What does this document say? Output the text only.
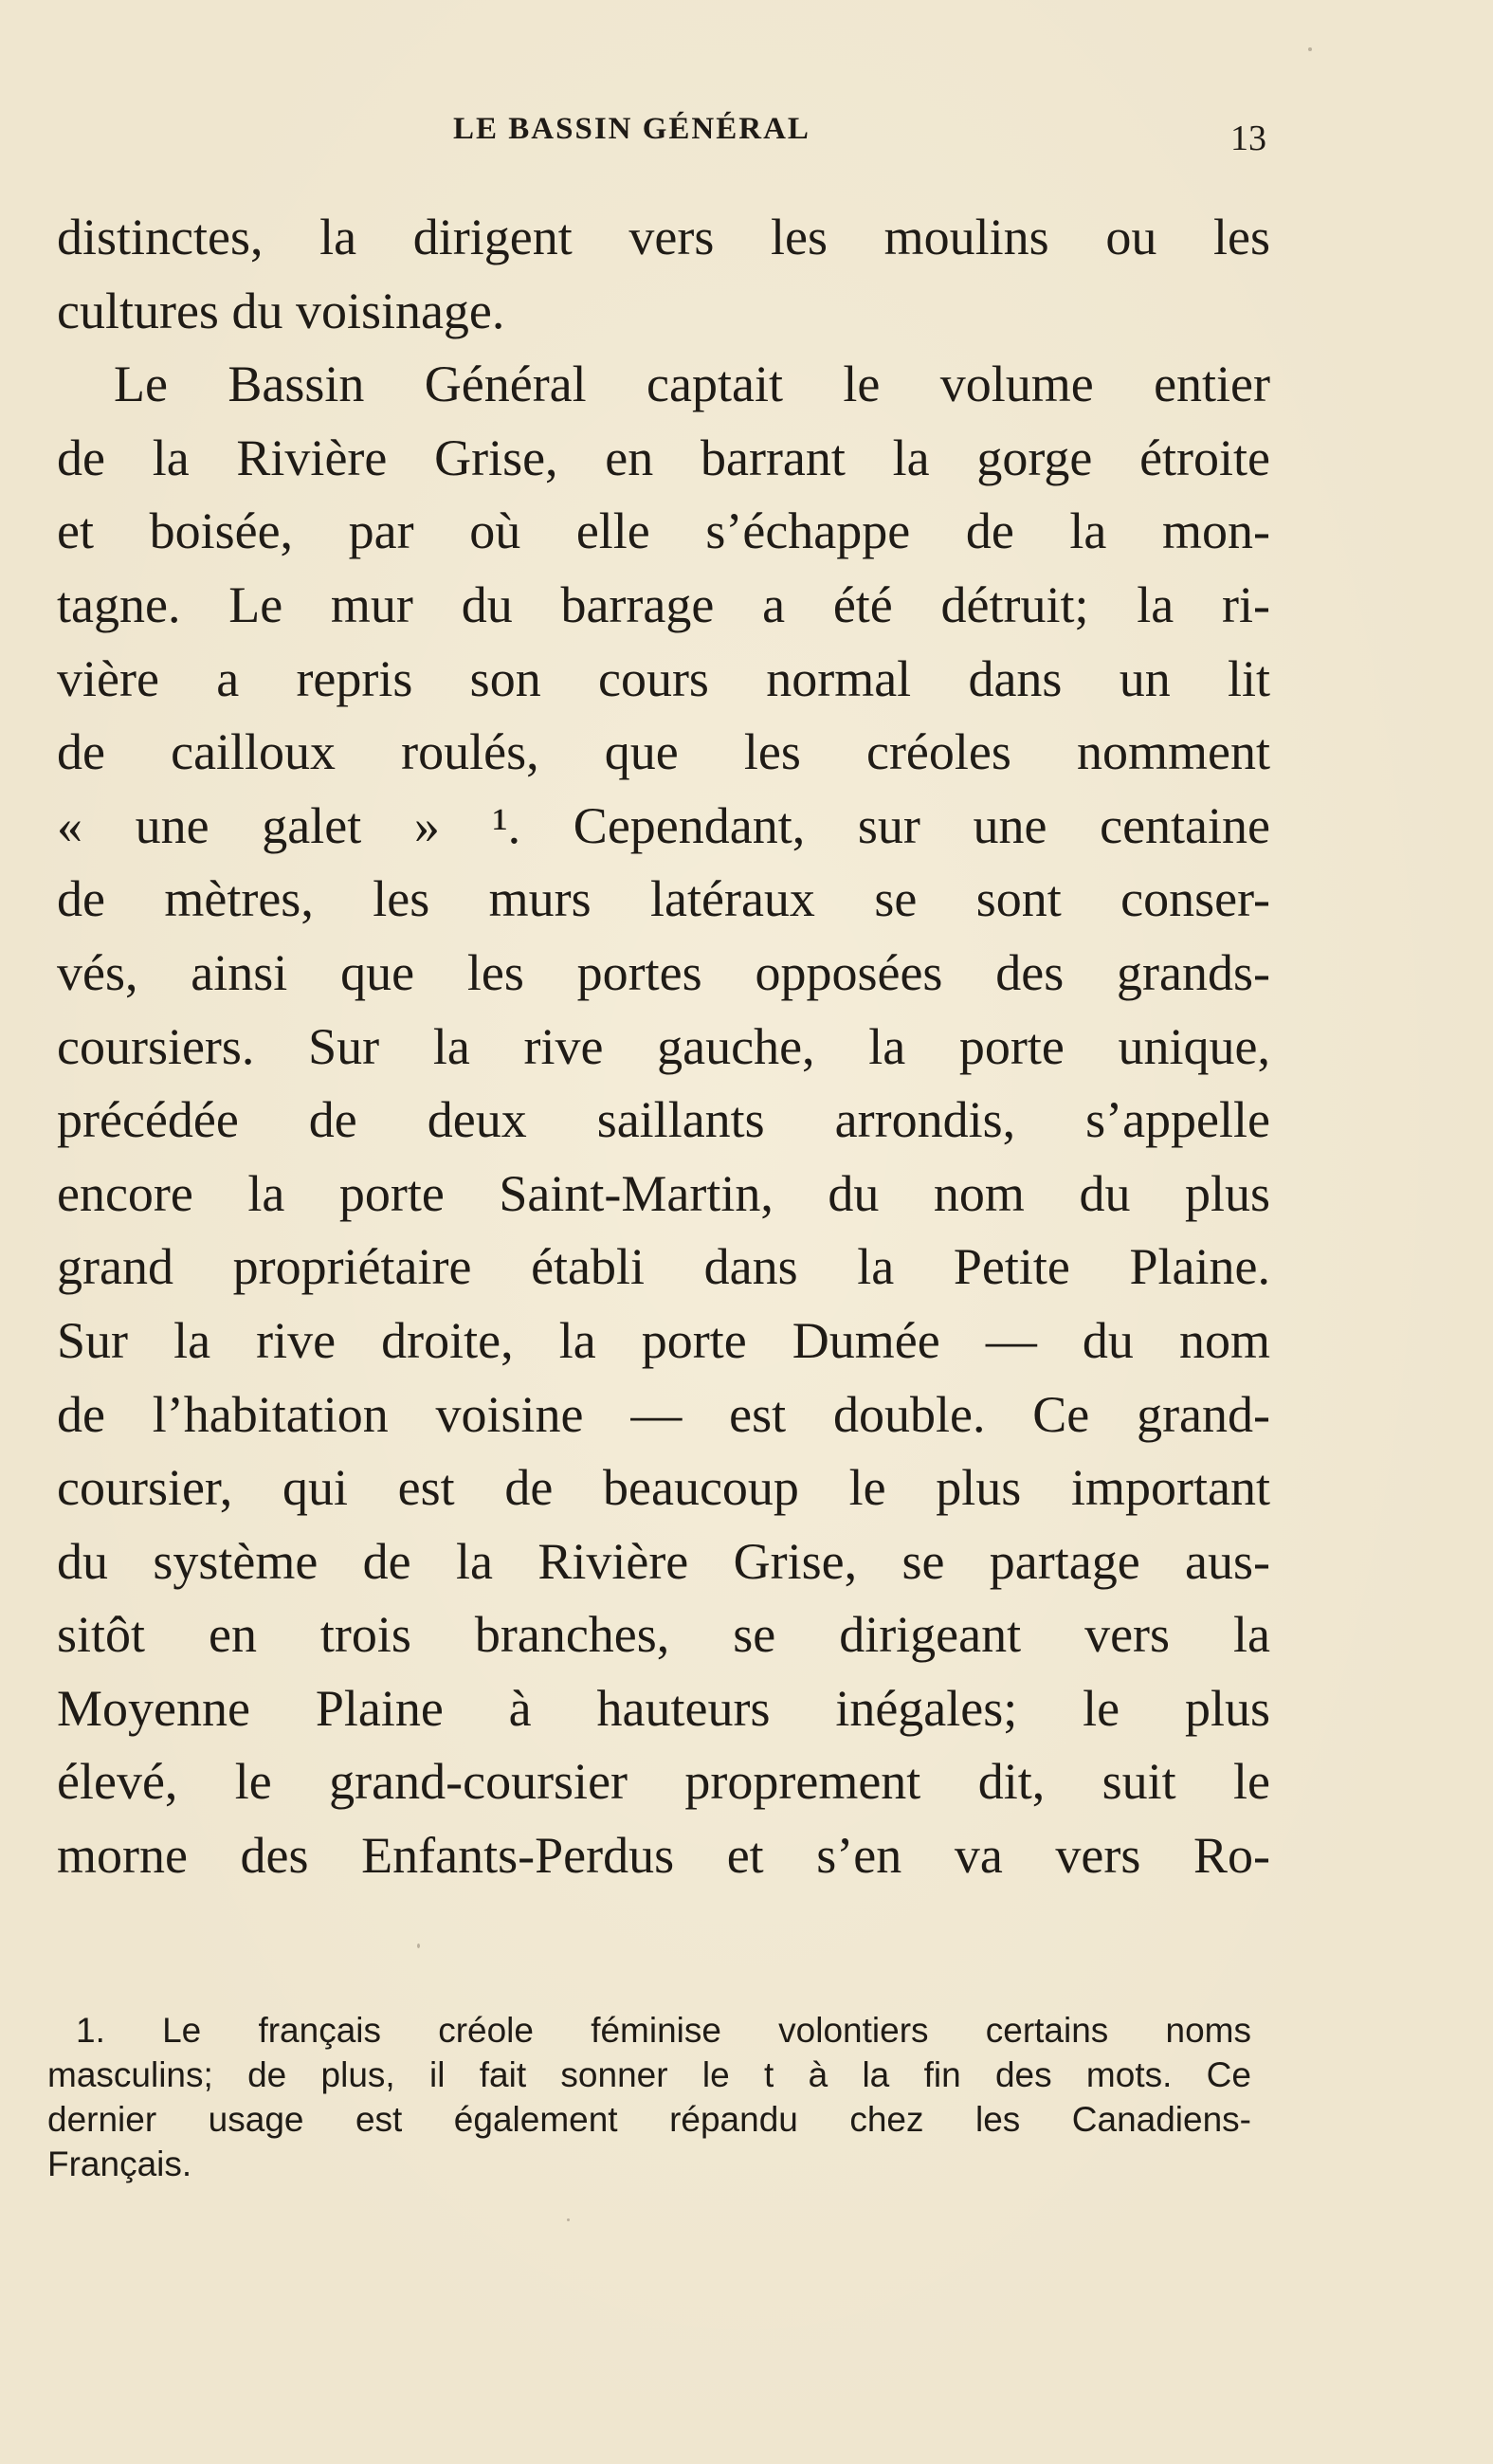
LE BASSIN GÉNÉRAL	13
distinctes, la dirigent vers les moulins ou les
cultures du voisinage.
Le Bassin Général captait le volume entier
de la Rivière Grise, en barrant la gorge étroite
et boisée, par où elle s’échappe de la mon-
tagne. Le mur du barrage a été détruit; la ri-
vière a repris son cours normal dans un lit
de cailloux roulés, que les créoles nomment
« une galet » ¹. Cependant, sur une centaine
de mètres, les murs latéraux se sont conser-
vés, ainsi que les portes opposées des grands-
coursiers. Sur la rive gauche, la porte unique,
précédée de deux saillants arrondis, s’appelle
encore la porte Saint-Martin, du nom du plus
grand propriétaire établi dans la Petite Plaine.
Sur la rive droite, la porte Dumée — du nom
de l’habitation voisine — est double. Ce grand-
coursier, qui est de beaucoup le plus important
du système de la Rivière Grise, se partage aus-
sitôt en trois branches, se dirigeant vers la
Moyenne Plaine à hauteurs inégales; le plus
élevé, le grand-coursier proprement dit, suit le
morne des Enfants-Perdus et s’en va vers Ro-
1. Le français créole féminise volontiers certains noms
masculins; de plus, il fait sonner le t à la fin des mots. Ce
dernier usage est également répandu chez les Canadiens-
Français.
